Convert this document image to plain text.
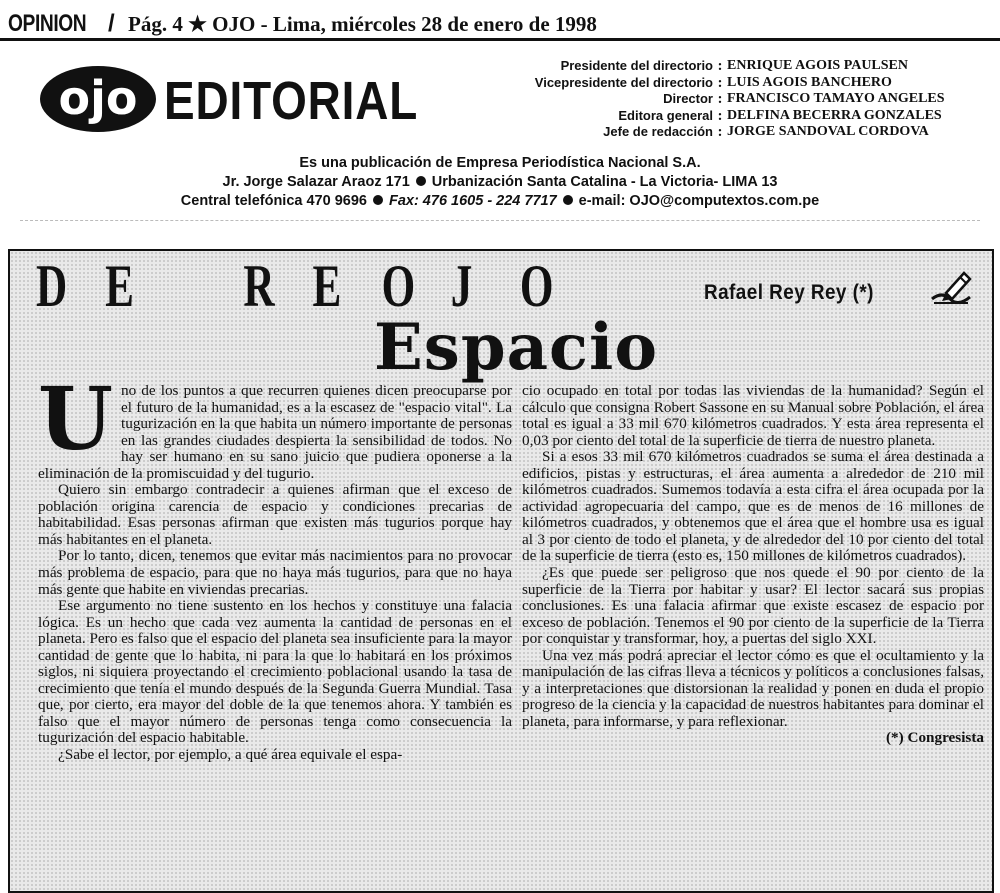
OPINION / Pág. 4 ★ OJO - Lima, miércoles 28 de enero de 1998
ojo EDITORIAL
Presidente del directorio : ENRIQUE AGOIS PAULSEN
Vicepresidente del directorio : LUIS AGOIS BANCHERO
Director : FRANCISCO TAMAYO ANGELES
Editora general : DELFINA BECERRA GONZALES
Jefe de redacción : JORGE SANDOVAL CORDOVA
Es una publicación de Empresa Periodística Nacional S.A.
Jr. Jorge Salazar Araoz 171 Urbanización Santa Catalina - La Victoria- LIMA 13
Central telefónica 470 9696 Fax: 476 1605 - 224 7717 e-mail: OJO@computextos.com.pe
D E R E O J O	Rafael Rey Rey (*)
Espacio

Uno de los puntos a que recurren quienes dicen preocuparse por el futuro de la humanidad, es a la escasez de "espacio vital". La tugurización en la que habita un número importante de personas en las grandes ciudades despierta la sensibilidad de todos. No hay ser humano en su sano juicio que pudiera oponerse a la eliminación de la promiscuidad y del tugurio.

Quiero sin embargo contradecir a quienes afirman que el exceso de población origina carencia de espacio y condiciones precarias de habitabilidad. Esas personas afirman que existen más tugurios porque hay más habitantes en el planeta.

Por lo tanto, dicen, tenemos que evitar más nacimientos para no provocar más problema de espacio, para que no haya más tugurios, para que no haya más gente que habite en viviendas precarias.

Ese argumento no tiene sustento en los hechos y constituye una falacia lógica. Es un hecho que cada vez aumenta la cantidad de personas en el planeta. Pero es falso que el espacio del planeta sea insuficiente para la mayor cantidad de gente que lo habita, ni para la que lo habitará en los próximos siglos, ni siquiera proyectando el crecimiento poblacional usando la tasa de crecimiento que tenía el mundo después de la Segunda Guerra Mundial. Tasa que, por cierto, era mayor del doble de la que tenemos ahora. Y también es falso que el mayor número de personas tenga como consecuencia la tugurización del espacio habitable.

¿Sabe el lector, por ejemplo, a qué área equivale el espa-

cio ocupado en total por todas las viviendas de la humanidad? Según el cálculo que consigna Robert Sassone en su Manual sobre Población, el área total es igual a 33 mil 670 kilómetros cuadrados. Y esta área representa el 0,03 por ciento del total de la superficie de tierra de nuestro planeta.

Si a esos 33 mil 670 kilómetros cuadrados se suma el área destinada a edificios, pistas y estructuras, el área aumenta a alrededor de 210 mil kilómetros cuadrados. Sumemos todavía a esta cifra el área ocupada por la actividad agropecuaria del campo, que es de menos de 16 millones de kilómetros cuadrados, y obtenemos que el área que el hombre usa es igual al 3 por ciento de todo el planeta, y de alrededor del 10 por ciento del total de la superficie de tierra (esto es, 150 millones de kilómetros cuadrados).

¿Es que puede ser peligroso que nos quede el 90 por ciento de la superficie de la Tierra por habitar y usar? El lector sacará sus propias conclusiones. Es una falacia afirmar que existe escasez de espacio por exceso de población. Tenemos el 90 por ciento de la superficie de la Tierra por conquistar y transformar, hoy, a puertas del siglo XXI.

Una vez más podrá apreciar el lector cómo es que el ocultamiento y la manipulación de las cifras lleva a técnicos y políticos a conclusiones falsas, y a interpretaciones que distorsionan la realidad y ponen en duda el propio progreso de la ciencia y la capacidad de nuestros habitantes para dominar el planeta, para informarse, y para reflexionar.

(*) Congresista
